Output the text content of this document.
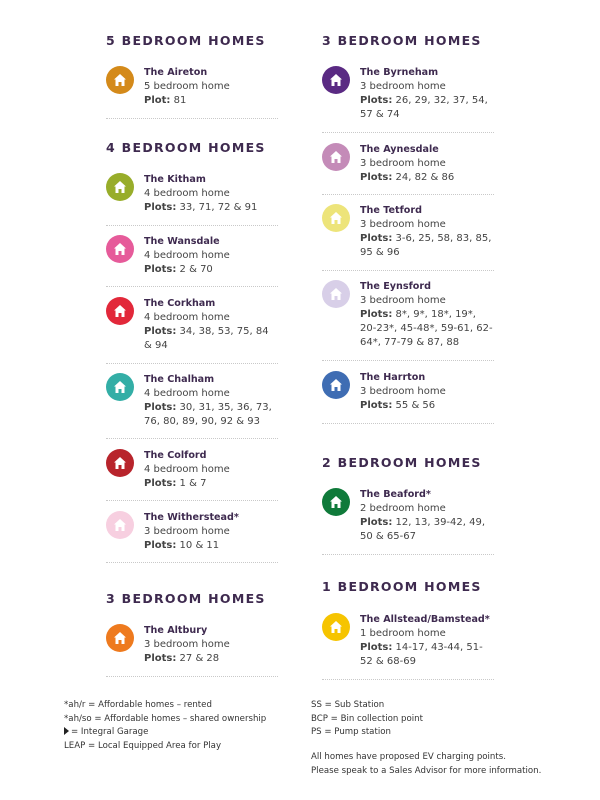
5 BEDROOM HOMES
The Aireton
5 bedroom home
Plot: 81
4 BEDROOM HOMES
The Kitham
4 bedroom home
Plots: 33, 71, 72 & 91
The Wansdale
4 bedroom home
Plots: 2 & 70
The Corkham
4 bedroom home
Plots: 34, 38, 53, 75, 84 & 94
The Chalham
4 bedroom home
Plots: 30, 31, 35, 36, 73, 76, 80, 89, 90, 92 & 93
The Colford
4 bedroom home
Plots: 1 & 7
The Witherstead*
3 bedroom home
Plots: 10 & 11
3 BEDROOM HOMES
The Altbury
3 bedroom home
Plots: 27 & 28
3 BEDROOM HOMES
The Byrneham
3 bedroom home
Plots: 26, 29, 32, 37, 54, 57 & 74
The Aynesdale
3 bedroom home
Plots: 24, 82 & 86
The Tetford
3 bedroom home
Plots: 3-6, 25, 58, 83, 85, 95 & 96
The Eynsford
3 bedroom home
Plots: 8*, 9*, 18*, 19*, 20-23*, 45-48*, 59-61, 62-64*, 77-79 & 87, 88
The Harrton
3 bedroom home
Plots: 55 & 56
2 BEDROOM HOMES
The Beaford*
2 bedroom home
Plots: 12, 13, 39-42, 49, 50 & 65-67
1 BEDROOM HOMES
The Allstead/Bamstead*
1 bedroom home
Plots: 14-17, 43-44, 51-52 & 68-69
*ah/r = Affordable homes – rented
*ah/so = Affordable homes – shared ownership
= Integral Garage
LEAP = Local Equipped Area for Play
SS = Sub Station
BCP = Bin collection point
PS = Pump station
All homes have proposed EV charging points.
Please speak to a Sales Advisor for more information.
